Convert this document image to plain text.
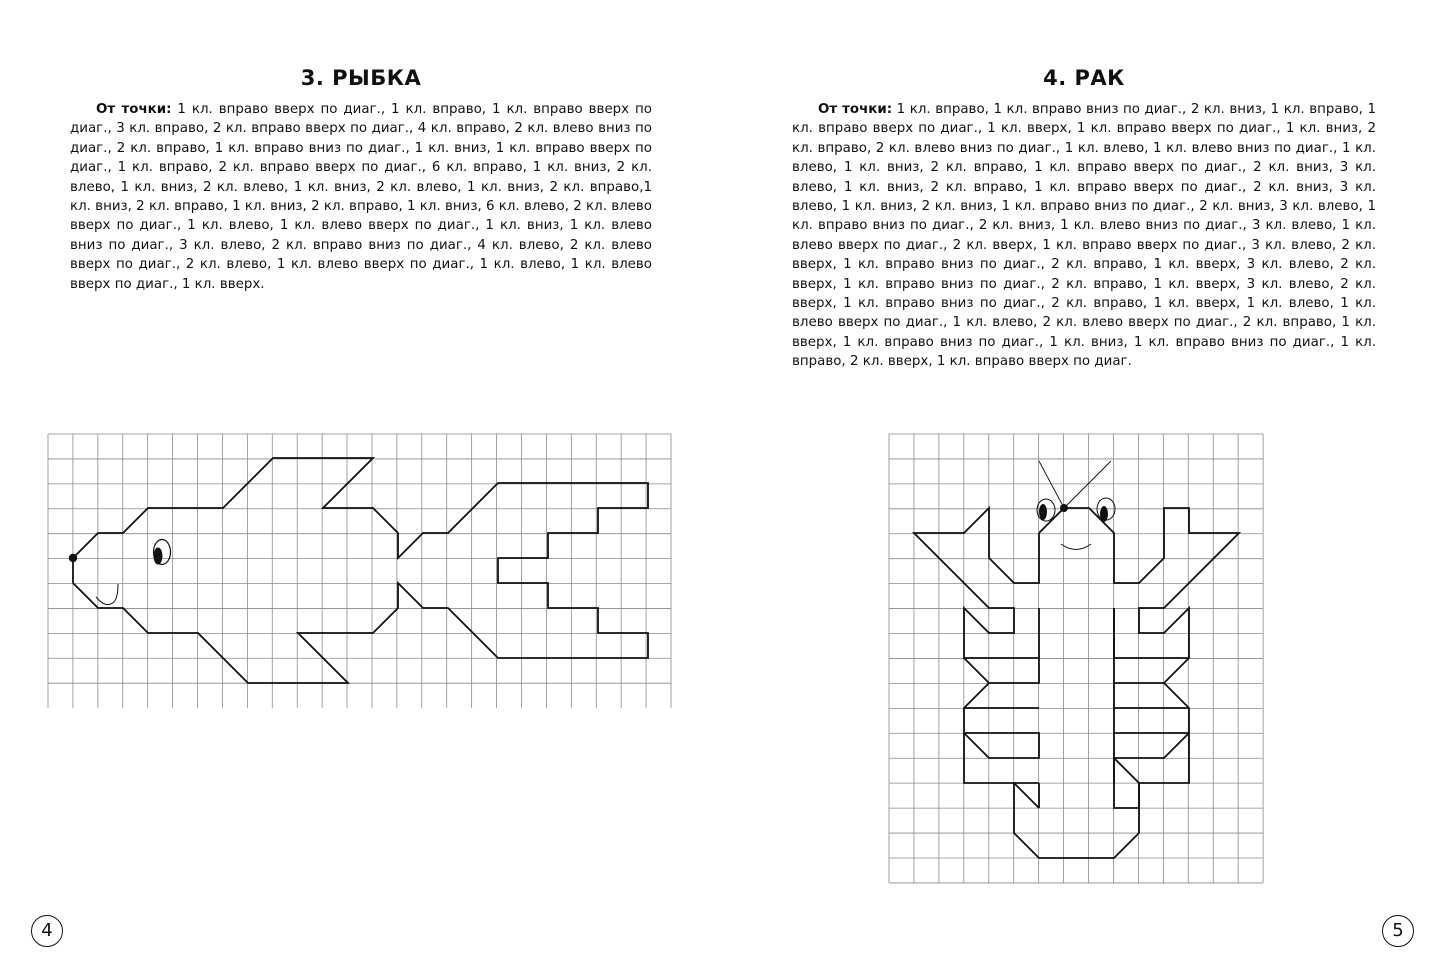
3. РЫБКА
От точки: 1 кл. вправо вверх по диаг., 1 кл. вправо, 1 кл. вправо вверх по диаг., 3 кл. вправо, 2 кл. вправо вверх по диаг., 4 кл. вправо, 2 кл. влево вниз по диаг., 2 кл. вправо, 1 кл. вправо вниз по диаг., 1 кл. вниз, 1 кл. вправо вверх по диаг., 1 кл. вправо, 2 кл. вправо вверх по диаг., 6 кл. вправо, 1 кл. вниз, 2 кл. влево, 1 кл. вниз, 2 кл. влево, 1 кл. вниз, 2 кл. влево, 1 кл. вниз, 2 кл. вправо,1 кл. вниз, 2 кл. вправо, 1 кл. вниз, 2 кл. вправо, 1 кл. вниз, 6 кл. влево, 2 кл. влево вверх по диаг., 1 кл. влево, 1 кл. влево вверх по диаг., 1 кл. вниз, 1 кл. влево вниз по диаг., 3 кл. влево, 2 кл. вправо вниз по диаг., 4 кл. влево, 2 кл. влево вверх по диаг., 2 кл. влево, 1 кл. влево вверх по диаг., 1 кл. влево, 1 кл. влево вверх по диаг., 1 кл. вверх.
4
4. РАК
От точки: 1 кл. вправо, 1 кл. вправо вниз по диаг., 2 кл. вниз, 1 кл. вправо, 1 кл. вправо вверх по диаг., 1 кл. вверх, 1 кл. вправо вверх по диаг., 1 кл. вниз, 2 кл. вправо, 2 кл. влево вниз по диаг., 1 кл. влево, 1 кл. влево вниз по диаг., 1 кл. влево, 1 кл. вниз, 2 кл. вправо, 1 кл. вправо вверх по диаг., 2 кл. вниз, 3 кл. влево, 1 кл. вниз, 2 кл. вправо, 1 кл. вправо вверх по диаг., 2 кл. вниз, 3 кл. влево, 1 кл. вниз, 2 кл. вниз, 1 кл. вправо вниз по диаг., 2 кл. вниз, 3 кл. влево, 1 кл. вправо вниз по диаг., 2 кл. вниз, 1 кл. влево вниз по диаг., 3 кл. влево, 1 кл. влево вверх по диаг., 2 кл. вверх, 1 кл. вправо вверх по диаг., 3 кл. влево, 2 кл. вверх, 1 кл. вправо вниз по диаг., 2 кл. вправо, 1 кл. вверх, 3 кл. влево, 2 кл. вверх, 1 кл. вправо вниз по диаг., 2 кл. вправо, 1 кл. вверх, 3 кл. влево, 2 кл. вверх, 1 кл. вправо вниз по диаг., 2 кл. вправо, 1 кл. вверх, 1 кл. влево, 1 кл. влево вверх по диаг., 1 кл. влево, 2 кл. влево вверх по диаг., 2 кл. вправо, 1 кл. вверх, 1 кл. вправо вниз по диаг., 1 кл. вниз, 1 кл. вправо вниз по диаг., 1 кл. вправо, 2 кл. вверх, 1 кл. вправо вверх по диаг.
5
